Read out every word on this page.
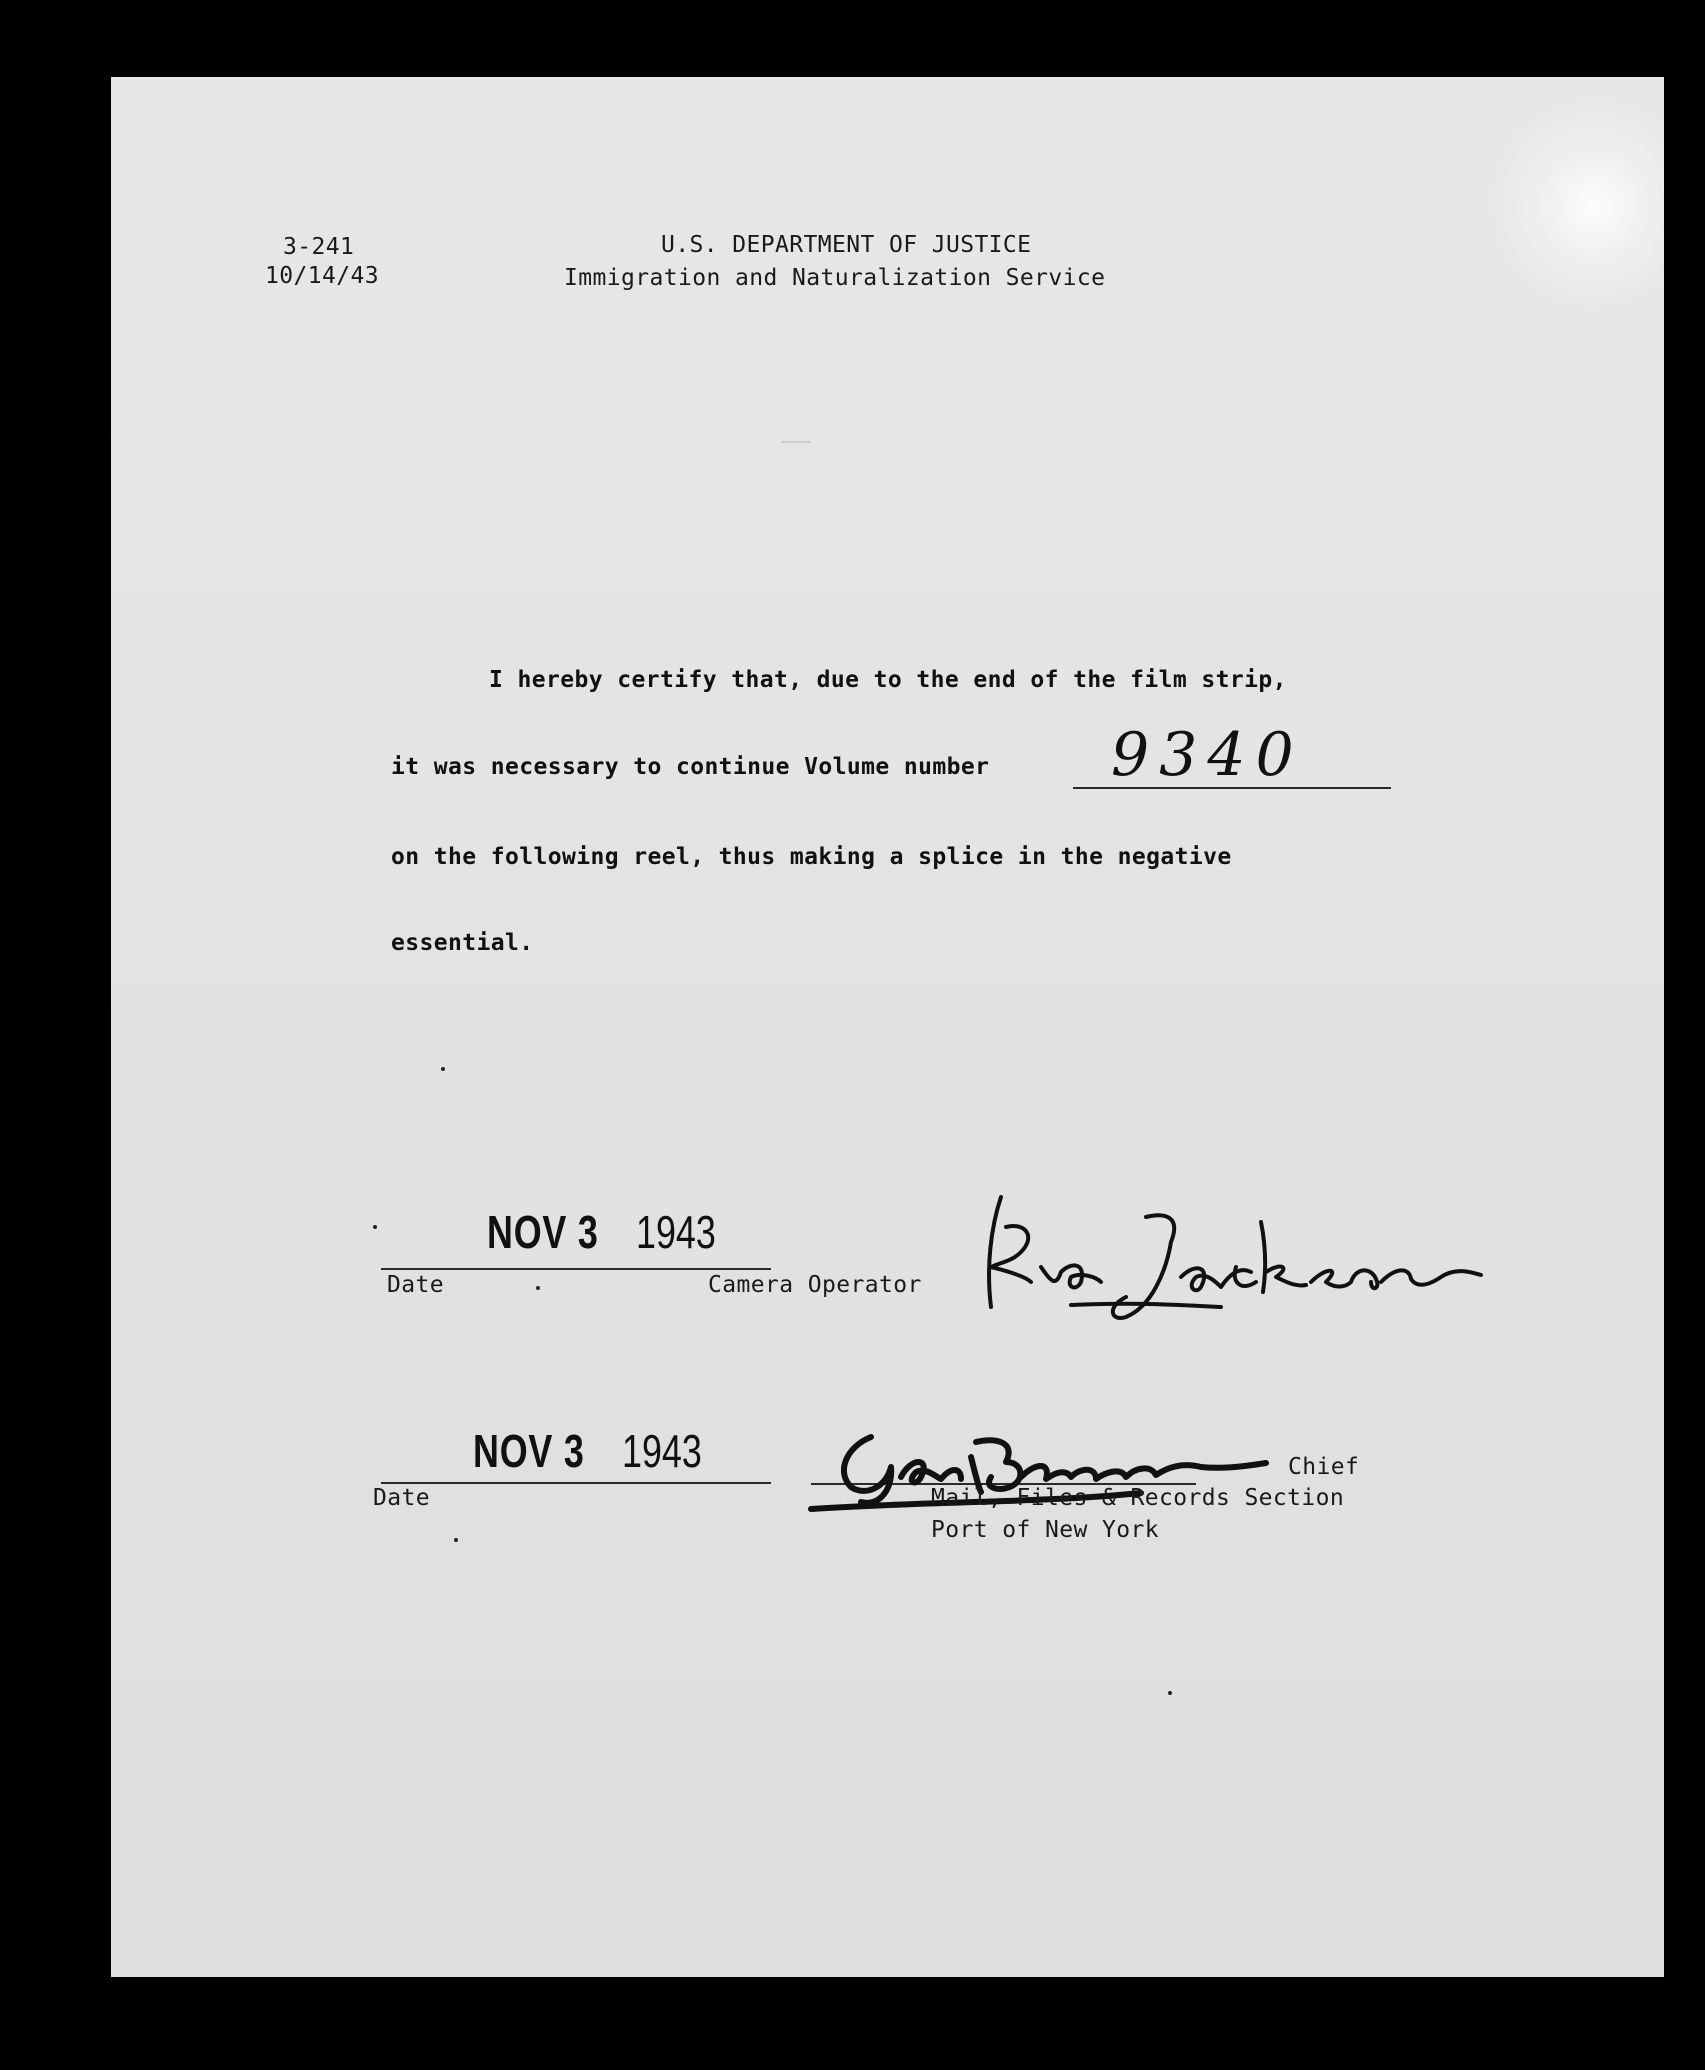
3-241
10/14/43
U.S. DEPARTMENT OF JUSTICE
Immigration and Naturalization Service
I hereby certify that, due to the end of the film strip,
it was necessary to continue Volume number 9340
on the following reel, thus making a splice in the negative
essential.
NOV 3 1943
Date	Camera Operator
NOV 3 1943
Date
Chief
Mail, Files & Records Section
Port of New York
